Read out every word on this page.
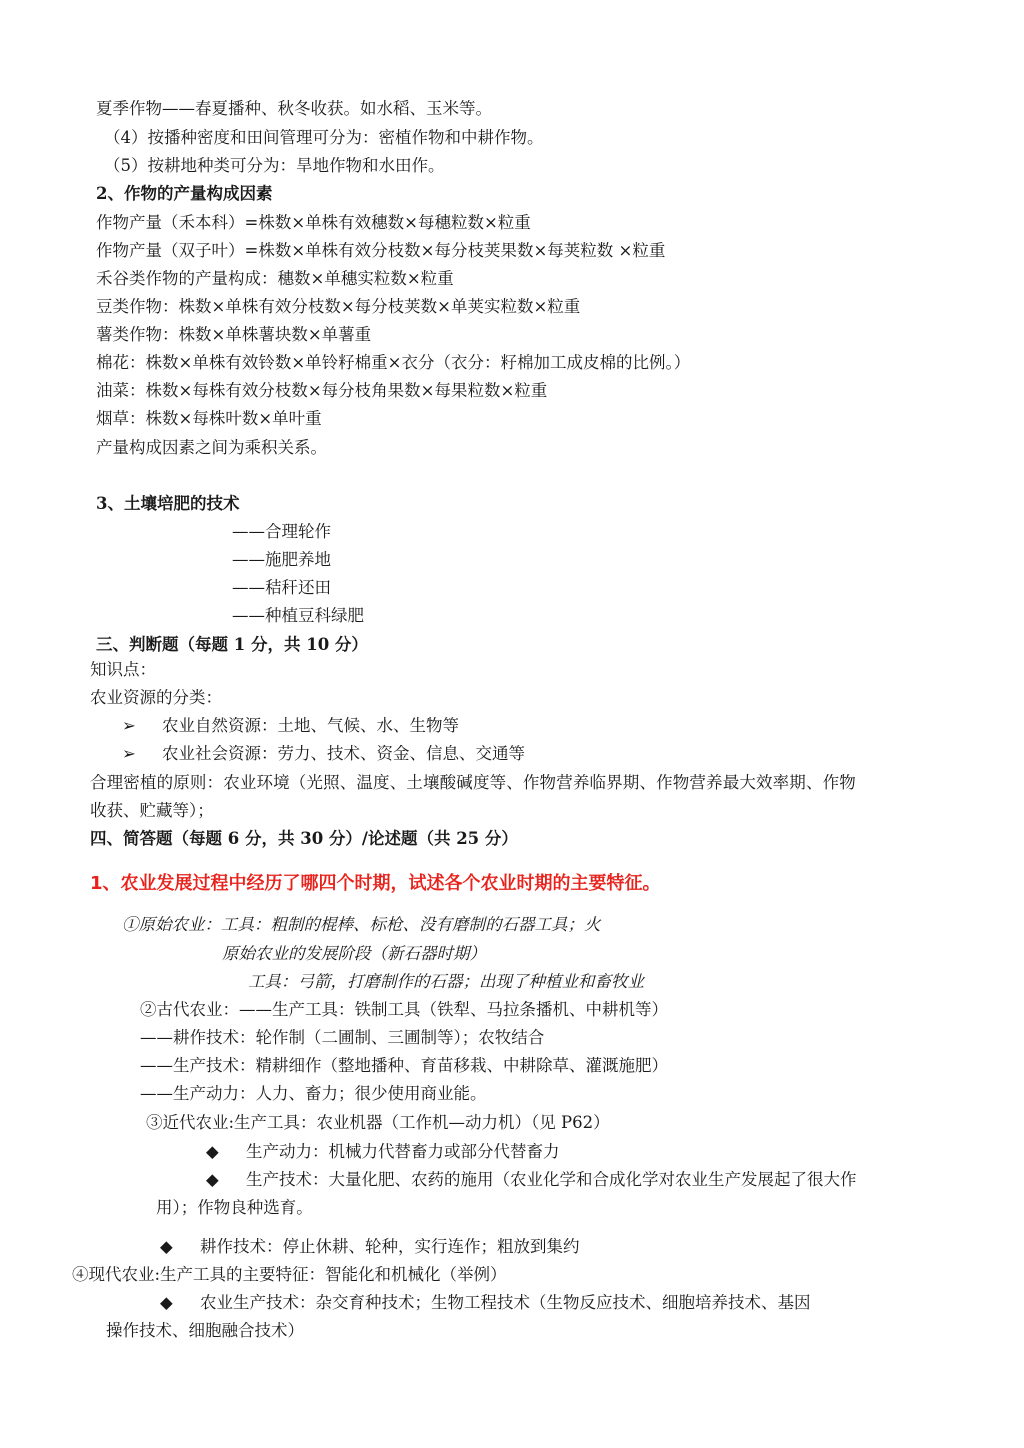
夏季作物——春夏播种、秋冬收获。如水稻、玉米等。
（4）按播种密度和田间管理可分为：密植作物和中耕作物。
（5）按耕地种类可分为：旱地作物和水田作。
2、作物的产量构成因素
作物产量（禾本科）=株数×单株有效穗数×每穗粒数×粒重
作物产量（双子叶）=株数×单株有效分枝数×每分枝荚果数×每荚粒数 ×粒重
禾谷类作物的产量构成：穗数×单穗实粒数×粒重
豆类作物：株数×单株有效分枝数×每分枝荚数×单荚实粒数×粒重
薯类作物：株数×单株薯块数×单薯重
棉花：株数×单株有效铃数×单铃籽棉重×衣分（衣分：籽棉加工成皮棉的比例。）
油菜：株数×每株有效分枝数×每分枝角果数×每果粒数×粒重
烟草：株数×每株叶数×单叶重
产量构成因素之间为乘积关系。
3、土壤培肥的技术
——合理轮作
——施肥养地
——秸秆还田
——种植豆科绿肥
三、判断题（每题 1 分，共 10 分）
知识点：
农业资源的分类：
➢ 农业自然资源：土地、气候、水、生物等
➢ 农业社会资源：劳力、技术、资金、信息、交通等
合理密植的原则：农业环境（光照、温度、土壤酸碱度等、作物营养临界期、作物营养最大效率期、作物
收获、贮藏等）；
四、简答题（每题 6 分，共 30 分）/论述题（共 25 分）
1、农业发展过程中经历了哪四个时期，试述各个农业时期的主要特征。
①原始农业：工具：粗制的棍棒、标枪、没有磨制的石器工具；火
原始农业的发展阶段（新石器时期）
工具：弓箭，打磨制作的石器；出现了种植业和畜牧业
②古代农业：——生产工具：铁制工具（铁犁、马拉条播机、中耕机等）
——耕作技术：轮作制（二圃制、三圃制等）；农牧结合
——生产技术：精耕细作（整地播种、育苗移栽、中耕除草、灌溉施肥）
——生产动力：人力、畜力；很少使用商业能。
③近代农业:生产工具：农业机器（工作机—动力机）（见 P62）
◆ 生产动力：机械力代替畜力或部分代替畜力
◆ 生产技术：大量化肥、农药的施用（农业化学和合成化学对农业生产发展起了很大作
用）；作物良种选育。
◆ 耕作技术：停止休耕、轮种，实行连作；粗放到集约
④现代农业:生产工具的主要特征：智能化和机械化（举例）
◆ 农业生产技术：杂交育种技术；生物工程技术（生物反应技术、细胞培养技术、基因
操作技术、细胞融合技术）
